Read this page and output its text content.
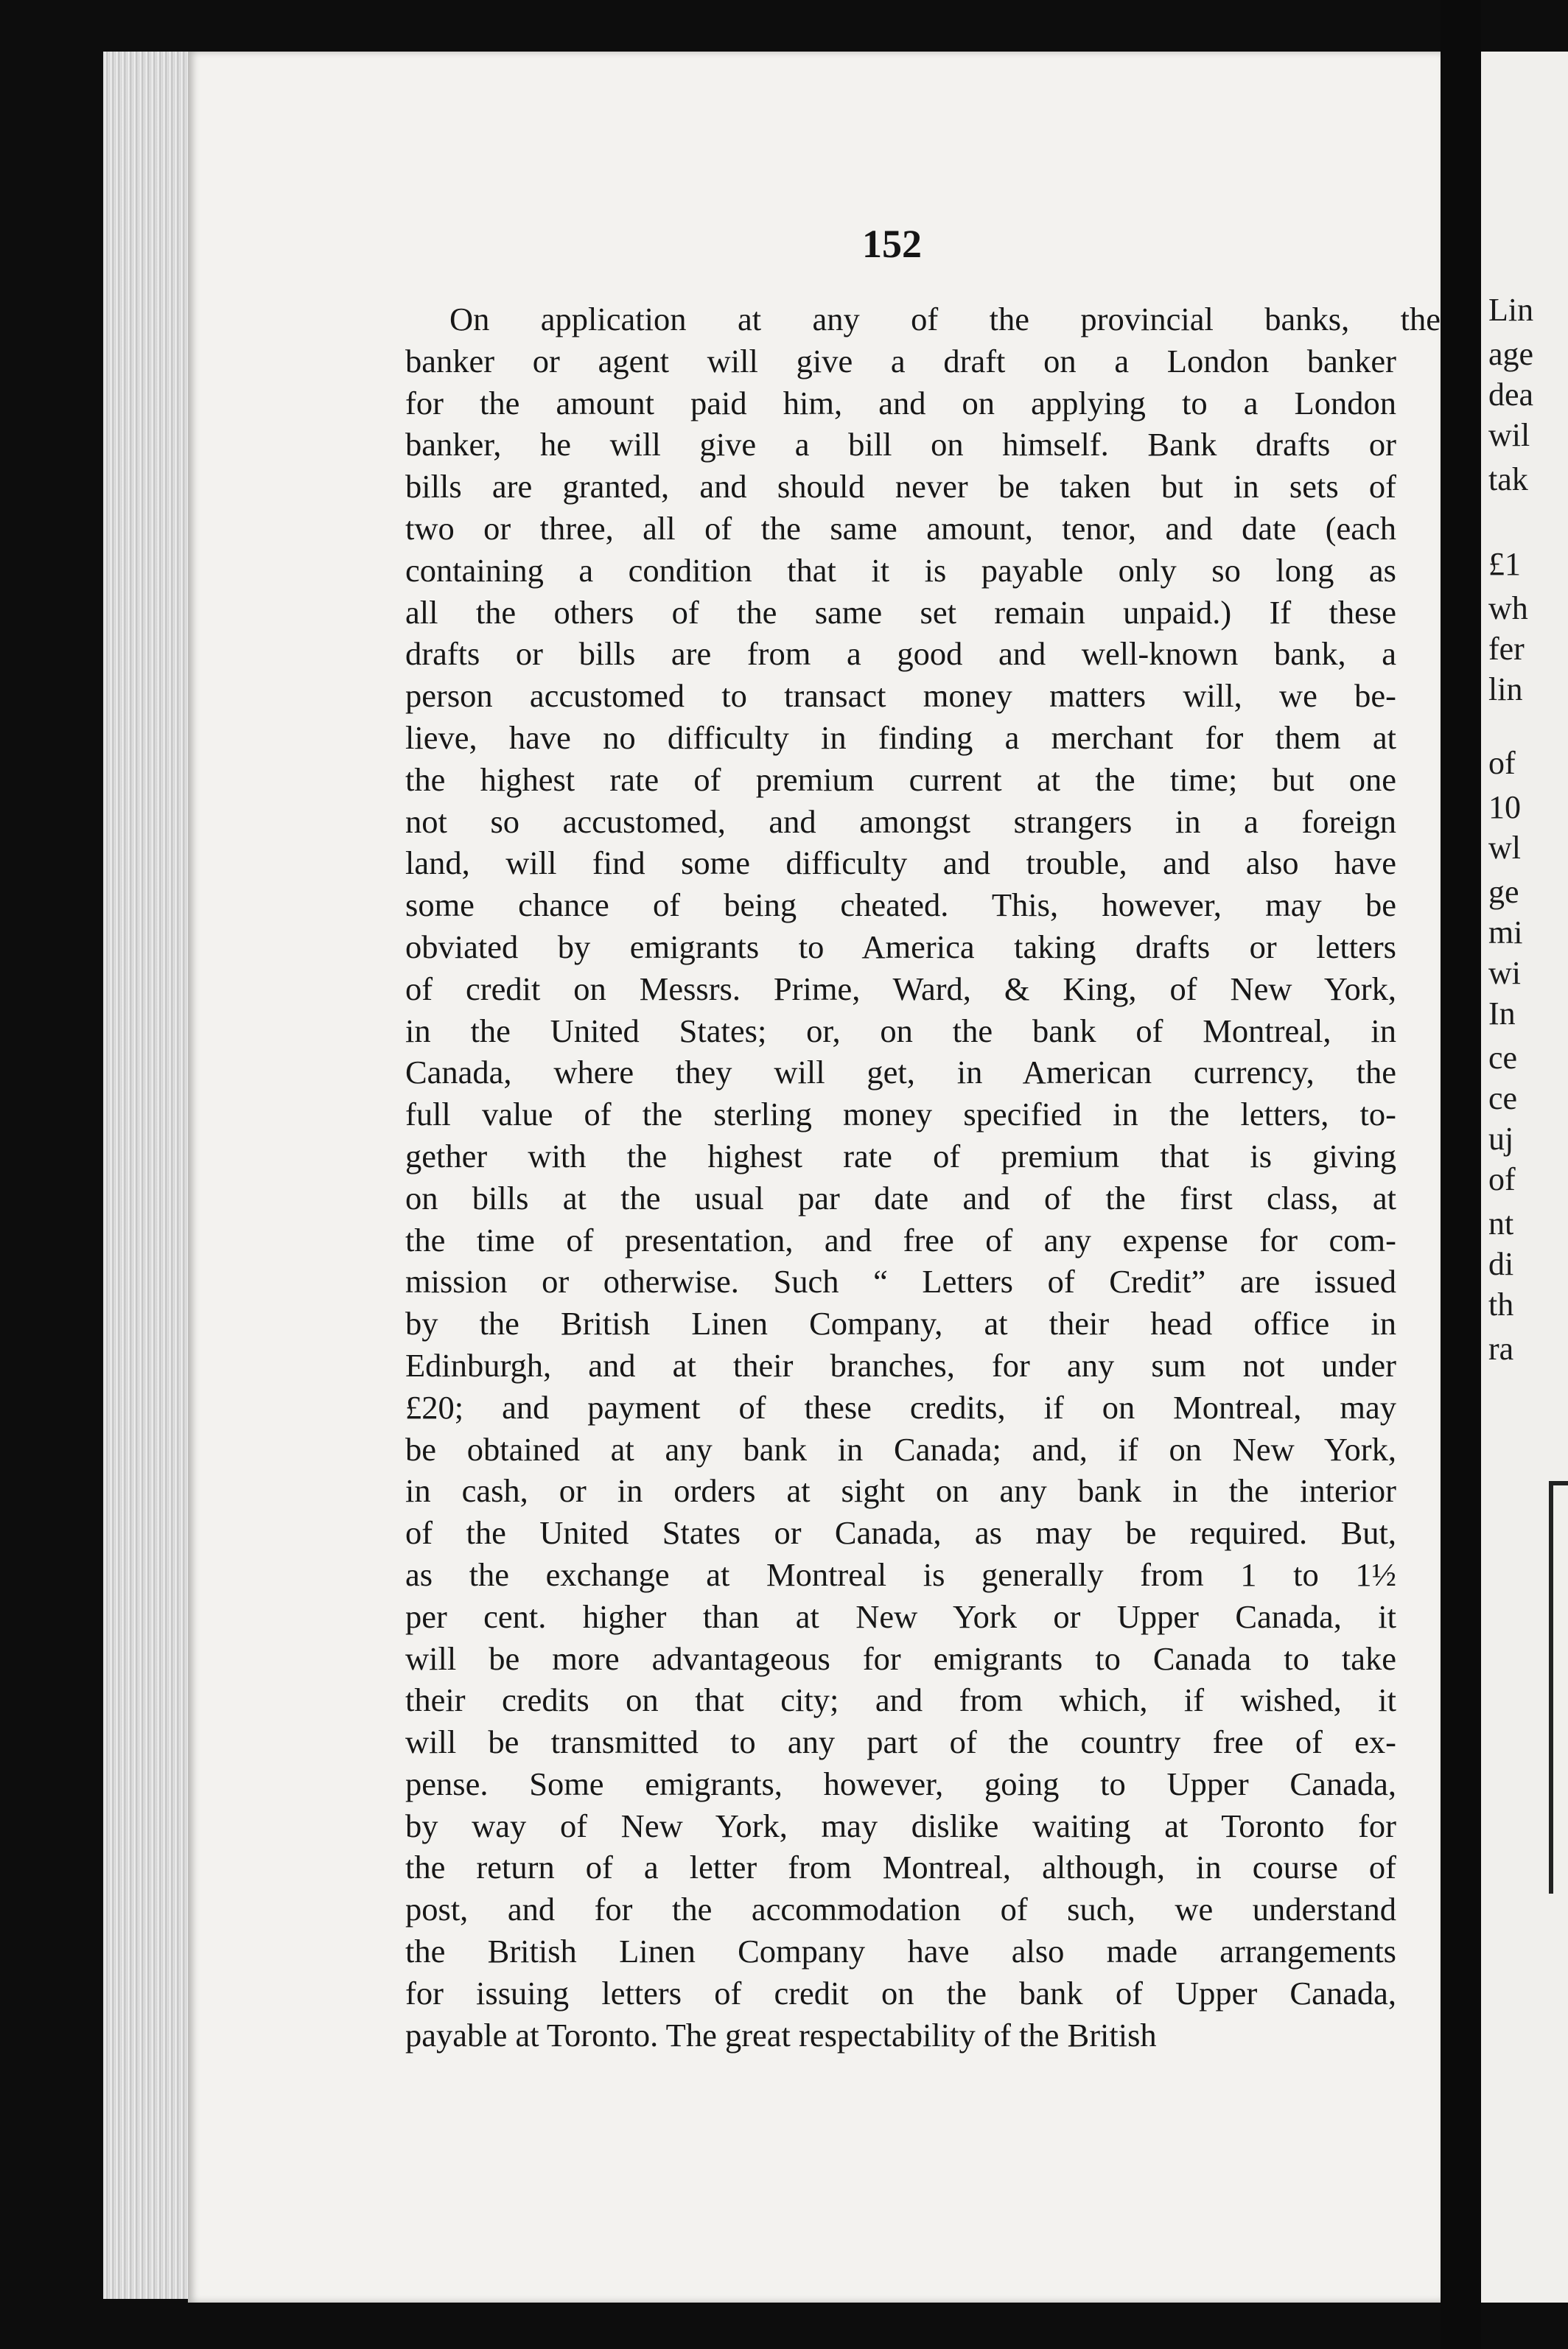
152
On application at any of the provincial banks, the
banker or agent will give a draft on a London banker
for the amount paid him, and on applying to a London
banker, he will give a bill on himself. Bank drafts or
bills are granted, and should never be taken but in sets of
two or three, all of the same amount, tenor, and date (each
containing a condition that it is payable only so long as
all the others of the same set remain unpaid.) If these
drafts or bills are from a good and well-known bank, a
person accustomed to transact money matters will, we be-
lieve, have no difficulty in finding a merchant for them at
the highest rate of premium current at the time; but one
not so accustomed, and amongst strangers in a foreign
land, will find some difficulty and trouble, and also have
some chance of being cheated. This, however, may be
obviated by emigrants to America taking drafts or letters
of credit on Messrs. Prime, Ward, & King, of New York,
in the United States; or, on the bank of Montreal, in
Canada, where they will get, in American currency, the
full value of the sterling money specified in the letters, to-
gether with the highest rate of premium that is giving
on bills at the usual par date and of the first class, at
the time of presentation, and free of any expense for com-
mission or otherwise. Such “ Letters of Credit” are issued
by the British Linen Company, at their head office in
Edinburgh, and at their branches, for any sum not under
£20; and payment of these credits, if on Montreal, may
be obtained at any bank in Canada; and, if on New York,
in cash, or in orders at sight on any bank in the interior
of the United States or Canada, as may be required. But,
as the exchange at Montreal is generally from 1 to 1½
per cent. higher than at New York or Upper Canada, it
will be more advantageous for emigrants to Canada to take
their credits on that city; and from which, if wished, it
will be transmitted to any part of the country free of ex-
pense. Some emigrants, however, going to Upper Canada,
by way of New York, may dislike waiting at Toronto for
the return of a letter from Montreal, although, in course of
post, and for the accommodation of such, we understand
the British Linen Company have also made arrangements
for issuing letters of credit on the bank of Upper Canada,
payable at Toronto. The great respectability of the British
Lin
age
dea
wil
tak
£1
wh
fer
lin
of
10
wl
ge
mi
wi
In
ce
ce
uj
of
nt
di
th
ra
